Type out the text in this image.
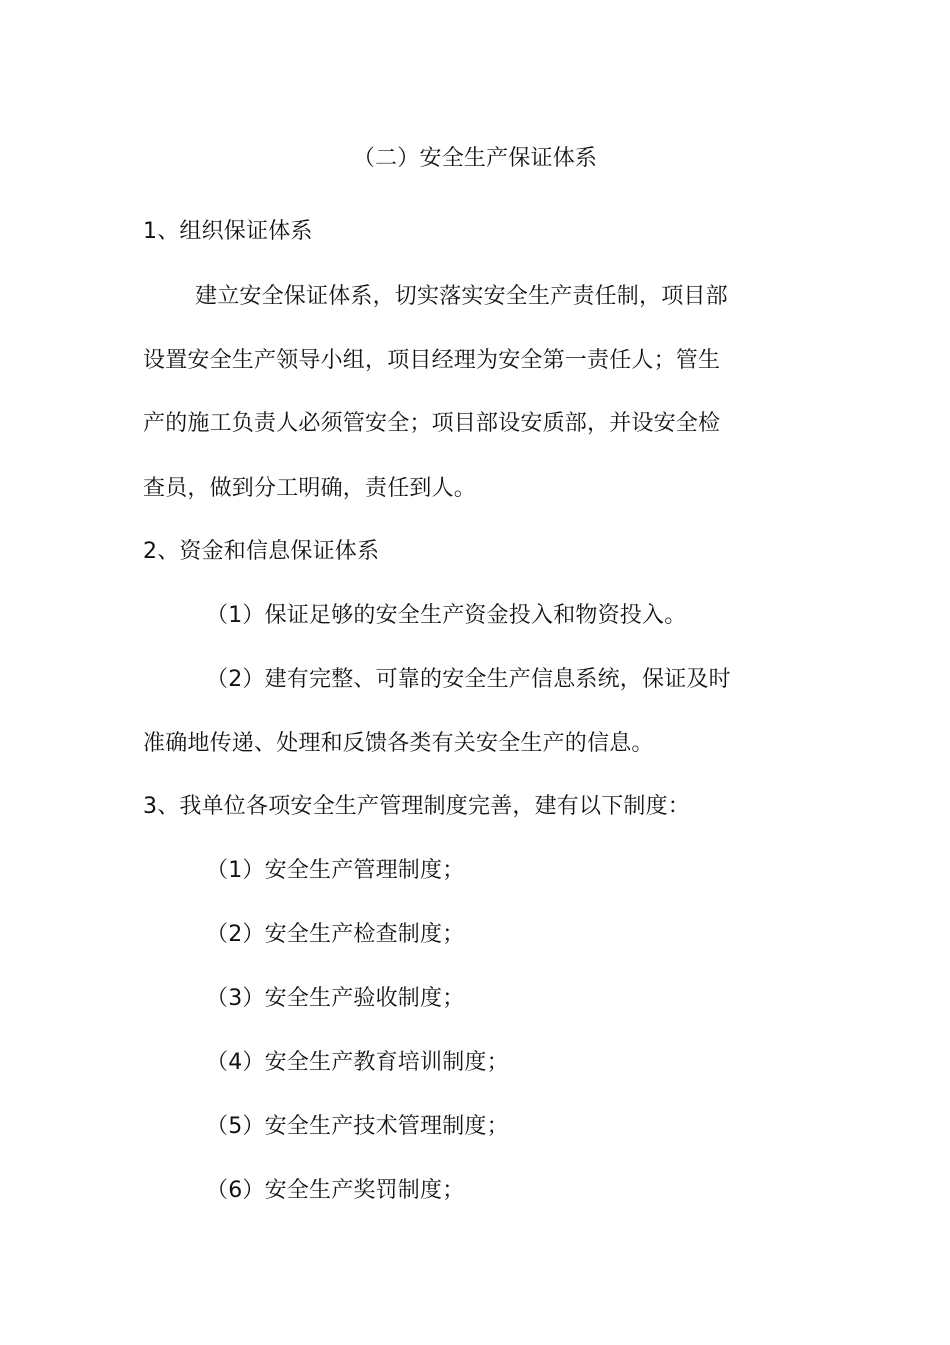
（二）安全生产保证体系
1、组织保证体系
建立安全保证体系，切实落实安全生产责任制，项目部
设置安全生产领导小组，项目经理为安全第一责任人；管生
产的施工负责人必须管安全；项目部设安质部，并设安全检
查员，做到分工明确，责任到人。
2、资金和信息保证体系
（1）保证足够的安全生产资金投入和物资投入。
（2）建有完整、可靠的安全生产信息系统，保证及时
准确地传递、处理和反馈各类有关安全生产的信息。
3、我单位各项安全生产管理制度完善，建有以下制度：
（1）安全生产管理制度；
（2）安全生产检查制度；
（3）安全生产验收制度；
（4）安全生产教育培训制度；
（5）安全生产技术管理制度；
（6）安全生产奖罚制度；
